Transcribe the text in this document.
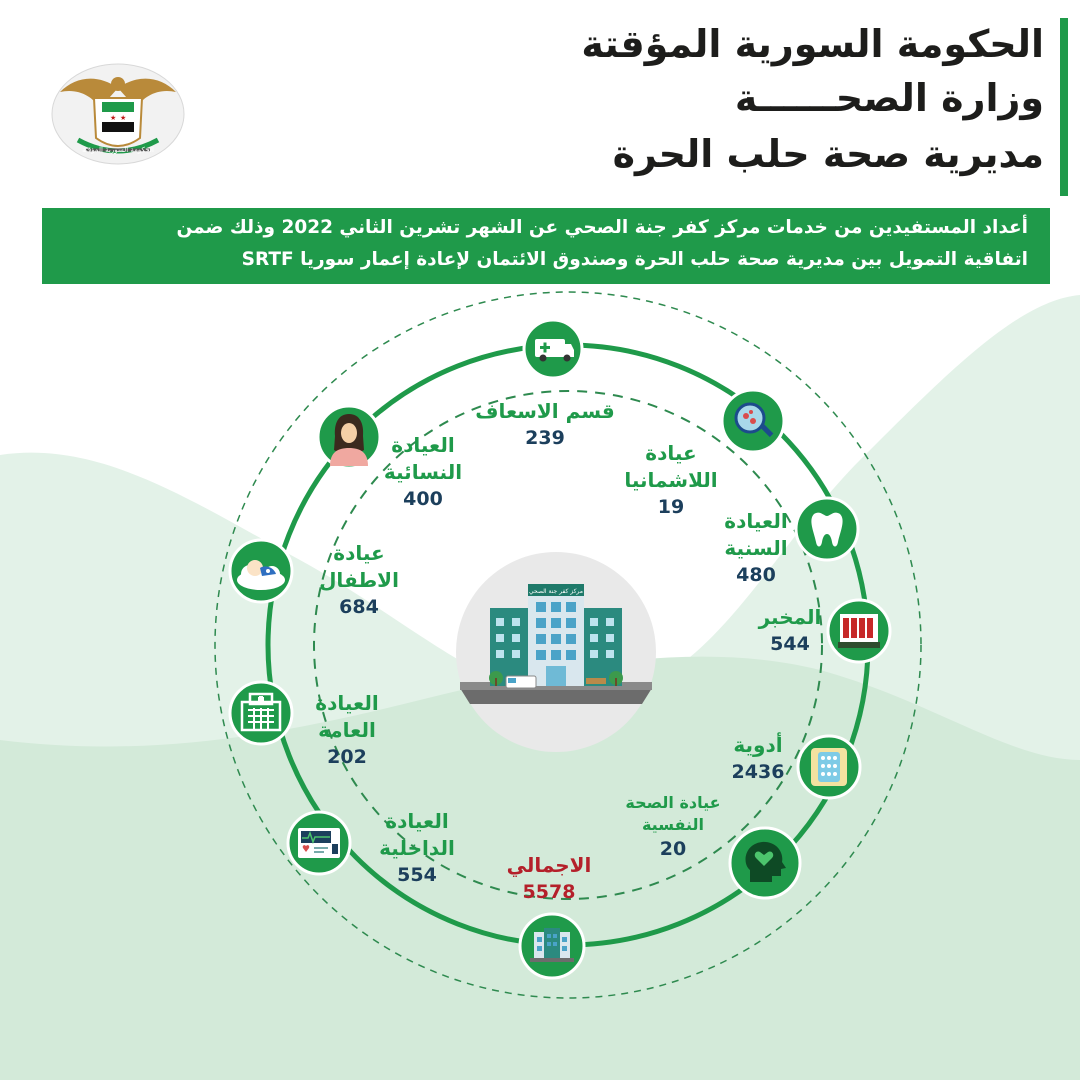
★ ★
الحكومة السورية المؤقتة
الحكومة السورية المؤقتة
وزارة الصحــــــة
مديرية صحة حلب الحرة
أعداد المستفيدين من خدمات مركز كفر جنة الصحي عن الشهر تشرين الثاني 2022 وذلك ضمن
اتفاقية التمويل بين مديرية صحة حلب الحرة وصندوق الائتمان لإعادة إعمار سوريا SRTF
مركز كفر جنة الصحي
قسم الاسعاف
239
عيادة
اللاشمانيا
19
العيادة
السنية
480
المخبر
544
أدوية
2436
عيادة الصحة
النفسية
20
الاجمالي
5578
العيادة
الداخلية
554
العيادة
العامة
202
عيادة
الاطفال
684
العيادة
النسائية
400
